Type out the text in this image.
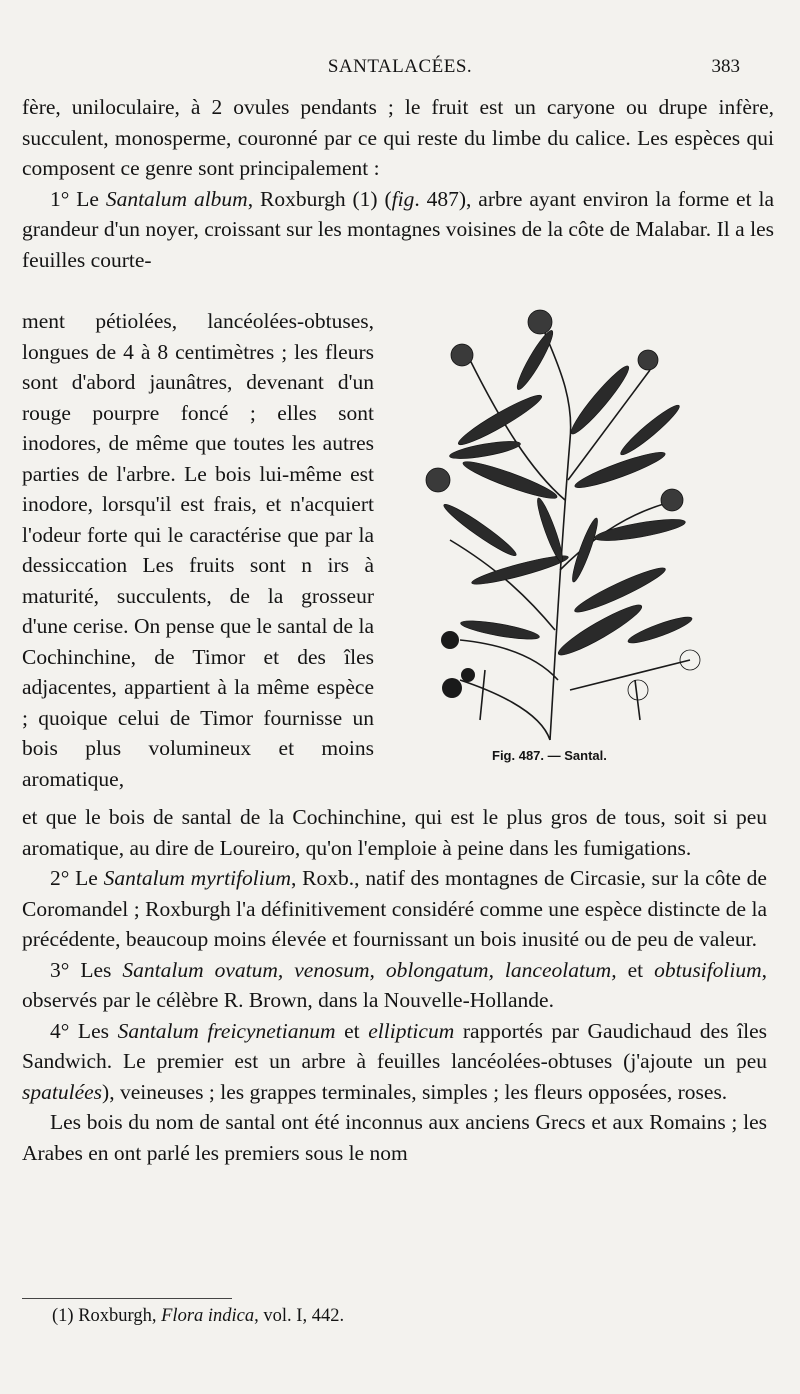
SANTALACÉES.	383

fère, uniloculaire, à 2 ovules pendants ; le fruit est un caryone ou drupe infère, succulent, monosperme, couronné par ce qui reste du limbe du calice. Les espèces qui composent ce genre sont principalement :

1° Le Santalum album, Roxburgh (1) (fig. 487), arbre ayant environ la forme et la grandeur d'un noyer, croissant sur les montagnes voisines de la côte de Malabar. Il a les feuilles courte-

ment pétiolées, lancéolées-obtuses, longues de 4 à 8 centimètres ; les fleurs sont d'abord jaunâtres, devenant d'un rouge pourpre foncé ; elles sont inodores, de même que toutes les autres parties de l'arbre. Le bois lui-même est inodore, lorsqu'il est frais, et n'acquiert l'odeur forte qui le caractérise que par la dessiccation Les fruits sont n irs à maturité, succulents, de la grosseur d'une cerise. On pense que le santal de la Cochinchine, de Timor et des îles adjacentes, appartient à la même espèce ; quoique celui de Timor fournisse un bois plus volumineux et moins aromatique,

Fig. 487. — Santal.

et que le bois de santal de la Cochinchine, qui est le plus gros de tous, soit si peu aromatique, au dire de Loureiro, qu'on l'emploie à peine dans les fumigations.

2° Le Santalum myrtifolium, Roxb., natif des montagnes de Circasie, sur la côte de Coromandel ; Roxburgh l'a définitivement considéré comme une espèce distincte de la précédente, beaucoup moins élevée et fournissant un bois inusité ou de peu de valeur.

3° Les Santalum ovatum, venosum, oblongatum, lanceolatum, et obtusifolium, observés par le célèbre R. Brown, dans la Nouvelle-Hollande.

4° Les Santalum freicynetianum et ellipticum rapportés par Gaudichaud des îles Sandwich. Le premier est un arbre à feuilles lancéolées-obtuses (j'ajoute un peu spatulées), veineuses ; les grappes terminales, simples ; les fleurs opposées, roses.

Les bois du nom de santal ont été inconnus aux anciens Grecs et aux Romains ; les Arabes en ont parlé les premiers sous le nom

(1) Roxburgh, Flora indica, vol. I, 442.
